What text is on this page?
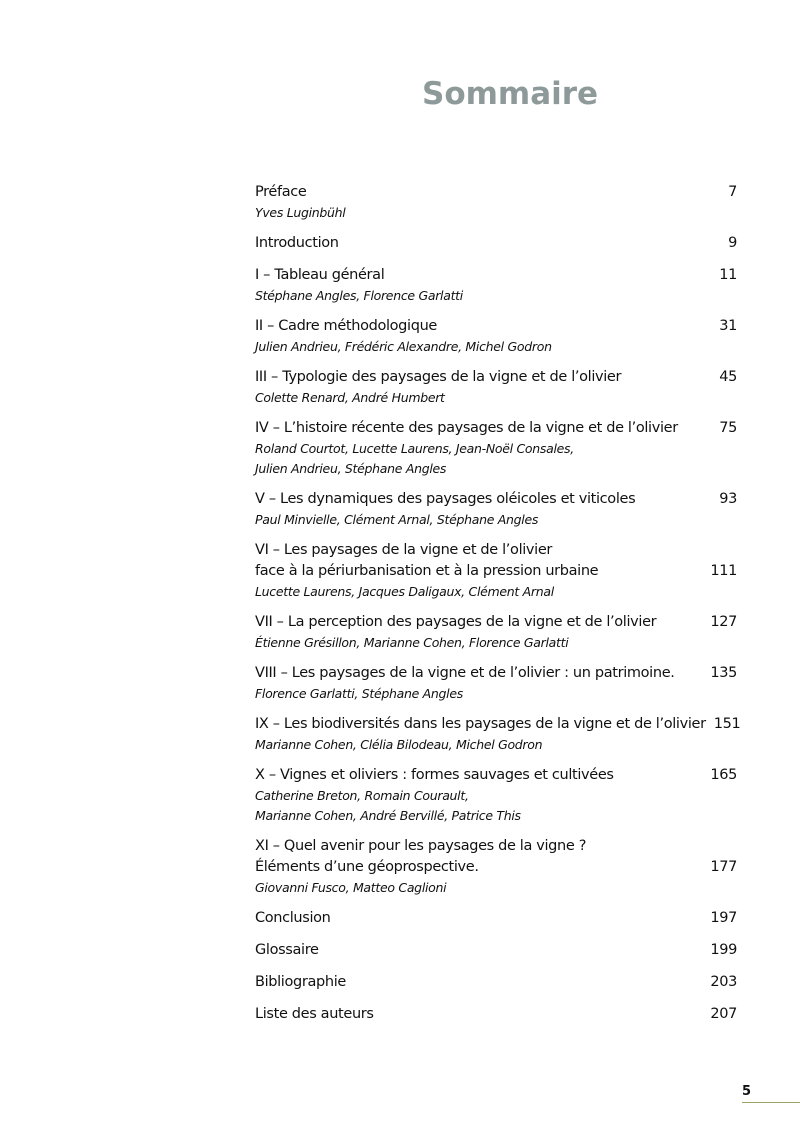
Sommaire
Préface	7
Yves Luginbühl
Introduction	9
I – Tableau général	11
Stéphane Angles, Florence Garlatti
II – Cadre méthodologique	31
Julien Andrieu, Frédéric Alexandre, Michel Godron
III – Typologie des paysages de la vigne et de l’olivier	45
Colette Renard, André Humbert
IV – L’histoire récente des paysages de la vigne et de l’olivier	75
Roland Courtot, Lucette Laurens, Jean-Noël Consales,
Julien Andrieu, Stéphane Angles
V – Les dynamiques des paysages oléicoles et viticoles	93
Paul Minvielle, Clément Arnal, Stéphane Angles
VI – Les paysages de la vigne et de l’olivier
face à la périurbanisation et à la pression urbaine	111
Lucette Laurens, Jacques Daligaux, Clément Arnal
VII – La perception des paysages de la vigne et de l’olivier	127
Étienne Grésillon, Marianne Cohen, Florence Garlatti
VIII – Les paysages de la vigne et de l’olivier : un patrimoine.	135
Florence Garlatti, Stéphane Angles
IX – Les biodiversités dans les paysages de la vigne et de l’olivier 151
Marianne Cohen, Clélia Bilodeau, Michel Godron
X – Vignes et oliviers : formes sauvages et cultivées	165
Catherine Breton, Romain Courault,
Marianne Cohen, André Bervillé, Patrice This
XI – Quel avenir pour les paysages de la vigne ?
Éléments d’une géoprospective.	177
Giovanni Fusco, Matteo Caglioni
Conclusion	197
Glossaire	199
Bibliographie	203
Liste des auteurs	207
5
